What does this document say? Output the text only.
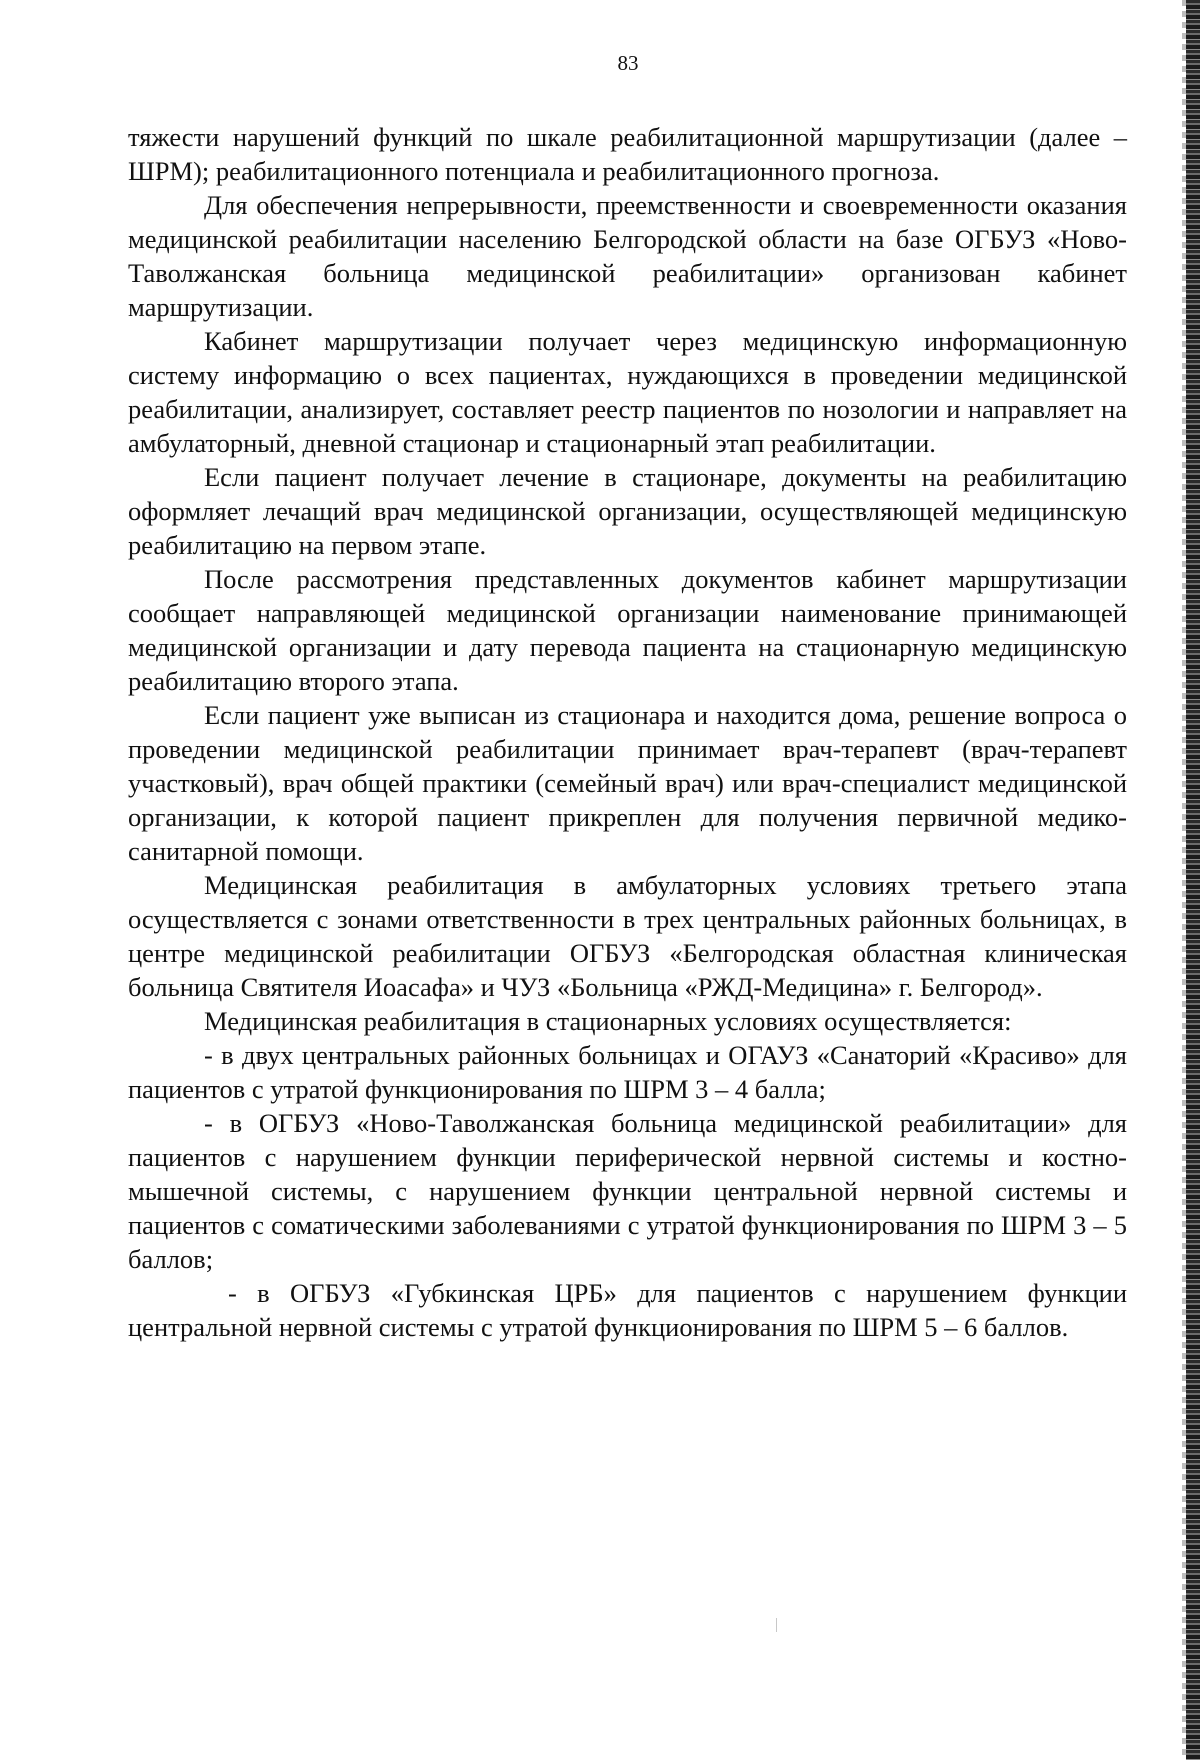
83

тяжести нарушений функций по шкале реабилитационной маршрутизации (далее – ШРМ); реабилитационного потенциала и реабилитационного прогноза.

Для обеспечения непрерывности, преемственности и своевременности оказания медицинской реабилитации населению Белгородской области на базе ОГБУЗ «Ново-Таволжанская больница медицинской реабилитации» организован кабинет маршрутизации.

Кабинет маршрутизации получает через медицинскую информационную систему информацию о всех пациентах, нуждающихся в проведении медицинской реабилитации, анализирует, составляет реестр пациентов по нозологии и направляет на амбулаторный, дневной стационар и стационарный этап реабилитации.

Если пациент получает лечение в стационаре, документы на реабилитацию оформляет лечащий врач медицинской организации, осуществляющей медицинскую реабилитацию на первом этапе.

После рассмотрения представленных документов кабинет маршрутизации сообщает направляющей медицинской организации наименование принимающей медицинской организации и дату перевода пациента на стационарную медицинскую реабилитацию второго этапа.

Если пациент уже выписан из стационара и находится дома, решение вопроса о проведении медицинской реабилитации принимает врач-терапевт (врач-терапевт участковый), врач общей практики (семейный врач) или врач-специалист медицинской организации, к которой пациент прикреплен для получения первичной медико-санитарной помощи.

Медицинская реабилитация в амбулаторных условиях третьего этапа осуществляется с зонами ответственности в трех центральных районных больницах, в центре медицинской реабилитации ОГБУЗ «Белгородская областная клиническая больница Святителя Иоасафа» и ЧУЗ «Больница «РЖД-Медицина» г. Белгород».

Медицинская реабилитация в стационарных условиях осуществляется:

- в двух центральных районных больницах и ОГАУЗ «Санаторий «Красиво» для пациентов с утратой функционирования по ШРМ 3 – 4 балла;

- в ОГБУЗ «Ново-Таволжанская больница медицинской реабилитации» для пациентов с нарушением функции периферической нервной системы и костно-мышечной системы, с нарушением функции центральной нервной системы и пациентов с соматическими заболеваниями с утратой функционирования по ШРМ 3 – 5 баллов;

- в ОГБУЗ «Губкинская ЦРБ» для пациентов с нарушением функции центральной нервной системы с утратой функционирования по ШРМ 5 – 6 баллов.
